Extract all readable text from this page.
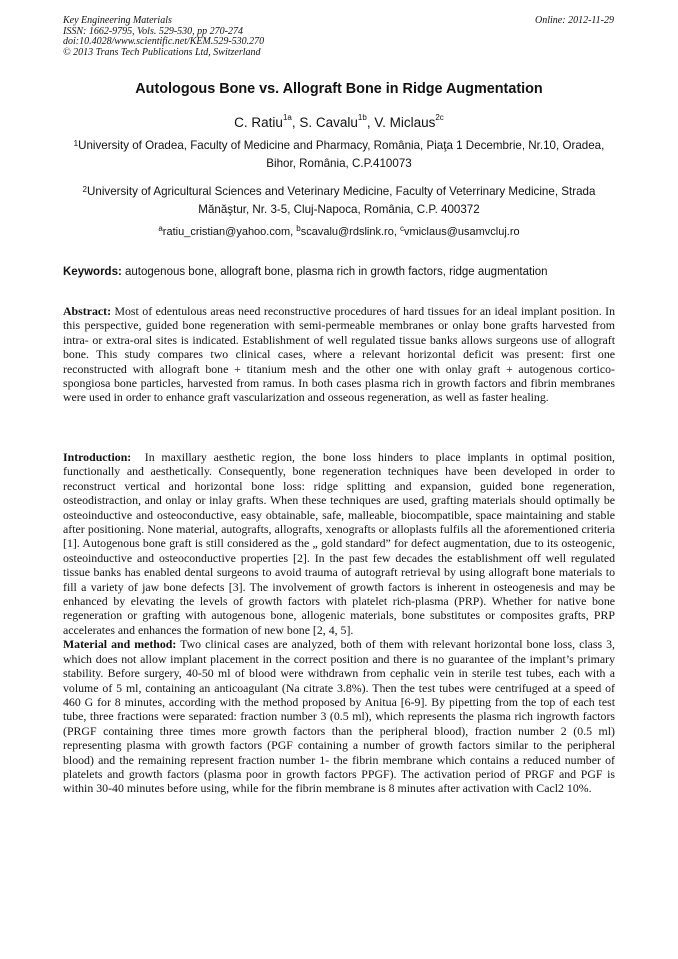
Key Engineering Materials
ISSN: 1662-9795, Vols. 529-530, pp 270-274
doi:10.4028/www.scientific.net/KEM.529-530.270
© 2013 Trans Tech Publications Ltd, Switzerland
Online: 2012-11-29
Autologous Bone vs. Allograft Bone in Ridge Augmentation
C. Ratiu$^{1a}$, S. Cavalu$^{1b}$, V. Miclaus$^{2c}$
$^1$University of Oradea, Faculty of Medicine and Pharmacy, România, Piaţa 1 Decembrie, Nr.10, Oradea, Bihor, România, C.P.410073
$^2$University of Agricultural Sciences and Veterinary Medicine, Faculty of Veterrinary Medicine, Strada Mănăştur, Nr. 3-5, Cluj-Napoca, România, C.P. 400372
$^a$ratiu_cristian@yahoo.com, $^b$scavalu@rdslink.ro, $^c$vmiclaus@usamvcluj.ro
Keywords: autogenous bone, allograft bone, plasma rich in growth factors, ridge augmentation

Abstract: Most of edentulous areas need reconstructive procedures of hard tissues for an ideal implant position. In this perspective, guided bone regeneration with semi-permeable membranes or onlay bone grafts harvested from intra- or extra-oral sites is indicated. Establishment of well regulated tissue banks allows surgeons use of allograft bone. This study compares two clinical cases, where a relevant horizontal deficit was present: first one reconstructed with allograft bone + titanium mesh and the other one with onlay graft + autogenous cortico-spongiosa bone particles, harvested from ramus. In both cases plasma rich in growth factors and fibrin membranes were used in order to enhance graft vascularization and osseous regeneration, as well as faster healing.

Introduction: In maxillary aesthetic region, the bone loss hinders to place implants in optimal position, functionally and aesthetically. Consequently, bone regeneration techniques have been developed in order to reconstruct vertical and horizontal bone loss: ridge splitting and expansion, guided bone regeneration, osteodistraction, and onlay or inlay grafts. When these techniques are used, grafting materials should optimally be osteoinductive and osteoconductive, easy obtainable, safe, malleable, biocompatible, space maintaining and stable after positioning. None material, autografts, allografts, xenografts or alloplasts fulfils all the aforementioned criteria [1]. Autogenous bone graft is still considered as the „ gold standard” for defect augmentation, due to its osteogenic, osteoinductive and osteoconductive properties [2]. In the past few decades the establishment off well regulated tissue banks has enabled dental surgeons to avoid trauma of autograft retrieval by using allograft bone materials to fill a variety of jaw bone defects [3]. The involvement of growth factors is inherent in osteogenesis and may be enhanced by elevating the levels of growth factors with platelet rich-plasma (PRP). Whether for native bone regeneration or grafting with autogenous bone, allogenic materials, bone substitutes or composites grafts, PRP accelerates and enhances the formation of new bone [2, 4, 5].

Material and method: Two clinical cases are analyzed, both of them with relevant horizontal bone loss, class 3, which does not allow implant placement in the correct position and there is no guarantee of the implant’s primary stability. Before surgery, 40-50 ml of blood were withdrawn from cephalic vein in sterile test tubes, each with a volume of 5 ml, containing an anticoagulant (Na citrate 3.8%). Then the test tubes were centrifuged at a speed of 460 G for 8 minutes, according with the method proposed by Anitua [6-9]. By pipetting from the top of each test tube, three fractions were separated: fraction number 3 (0.5 ml), which represents the plasma rich ingrowth factors (PRGF containing three times more growth factors than the peripheral blood), fraction number 2 (0.5 ml) representing plasma with growth factors (PGF containing a number of growth factors similar to the peripheral blood) and the remaining represent fraction number 1- the fibrin membrane which contains a reduced number of platelets and growth factors (plasma poor in growth factors PPGF). The activation period of PRGF and PGF is within 30-40 minutes before using, while for the fibrin membrane is 8 minutes after activation with Cacl2 10%.
